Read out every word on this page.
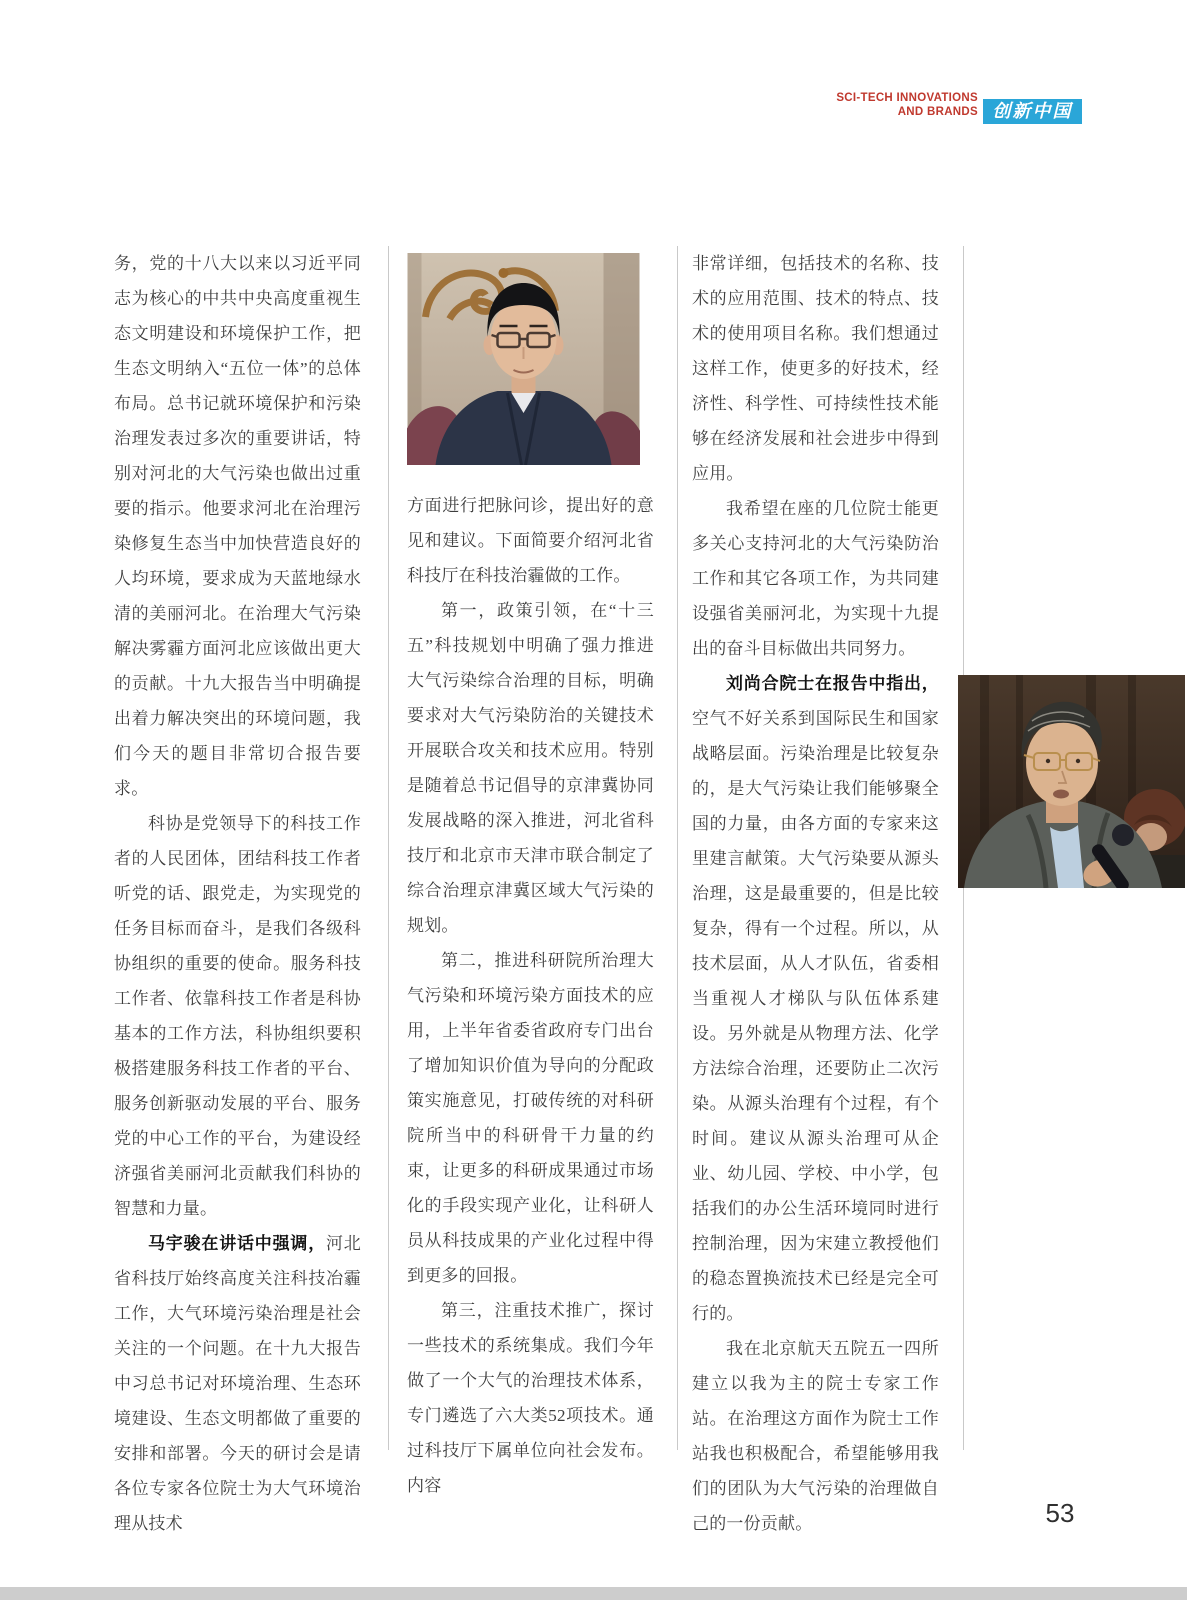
SCI-TECH INNOVATIONS
AND BRANDS 创新中国

务，党的十八大以来以习近平同志为核心的中共中央高度重视生态文明建设和环境保护工作，把生态文明纳入“五位一体”的总体布局。总书记就环境保护和污染治理发表过多次的重要讲话，特别对河北的大气污染也做出过重要的指示。他要求河北在治理污染修复生态当中加快营造良好的人均环境，要求成为天蓝地绿水清的美丽河北。在治理大气污染解决雾霾方面河北应该做出更大的贡献。十九大报告当中明确提出着力解决突出的环境问题，我们今天的题目非常切合报告要求。

科协是党领导下的科技工作者的人民团体，团结科技工作者听党的话、跟党走，为实现党的任务目标而奋斗，是我们各级科协组织的重要的使命。服务科技工作者、依靠科技工作者是科协基本的工作方法，科协组织要积极搭建服务科技工作者的平台、服务创新驱动发展的平台、服务党的中心工作的平台，为建设经济强省美丽河北贡献我们科协的智慧和力量。

马宇骏在讲话中强调，河北省科技厅始终高度关注科技冶霾工作，大气环境污染治理是社会关注的一个问题。在十九大报告中习总书记对环境治理、生态环境建设、生态文明都做了重要的安排和部署。今天的研讨会是请各位专家各位院士为大气环境治理从技术

方面进行把脉问诊，提出好的意见和建议。下面简要介绍河北省科技厅在科技治霾做的工作。

第一，政策引领，在“十三五”科技规划中明确了强力推进大气污染综合治理的目标，明确要求对大气污染防治的关键技术开展联合攻关和技术应用。特别是随着总书记倡导的京津冀协同发展战略的深入推进，河北省科技厅和北京市天津市联合制定了综合治理京津冀区域大气污染的规划。

第二，推进科研院所治理大气污染和环境污染方面技术的应用，上半年省委省政府专门出台了增加知识价值为导向的分配政策实施意见，打破传统的对科研院所当中的科研骨干力量的约束，让更多的科研成果通过市场化的手段实现产业化，让科研人员从科技成果的产业化过程中得到更多的回报。

第三，注重技术推广，探讨一些技术的系统集成。我们今年做了一个大气的治理技术体系，专门遴选了六大类52项技术。通过科技厅下属单位向社会发布。内容

非常详细，包括技术的名称、技术的应用范围、技术的特点、技术的使用项目名称。我们想通过这样工作，使更多的好技术，经济性、科学性、可持续性技术能够在经济发展和社会进步中得到应用。

我希望在座的几位院士能更多关心支持河北的大气污染防治工作和其它各项工作，为共同建设强省美丽河北，为实现十九提出的奋斗目标做出共同努力。

刘尚合院士在报告中指出，空气不好关系到国际民生和国家战略层面。污染治理是比较复杂的，是大气污染让我们能够聚全国的力量，由各方面的专家来这里建言献策。大气污染要从源头治理，这是最重要的，但是比较复杂，得有一个过程。所以，从技术层面，从人才队伍，省委相当重视人才梯队与队伍体系建设。另外就是从物理方法、化学方法综合治理，还要防止二次污染。从源头治理有个过程，有个时间。建议从源头治理可从企业、幼儿园、学校、中小学，包括我们的办公生活环境同时进行控制治理，因为宋建立教授他们的稳态置换流技术已经是完全可行的。

我在北京航天五院五一四所建立以我为主的院士专家工作站。在治理这方面作为院士工作站我也积极配合，希望能够用我们的团队为大气污染的治理做自己的一份贡献。	53
